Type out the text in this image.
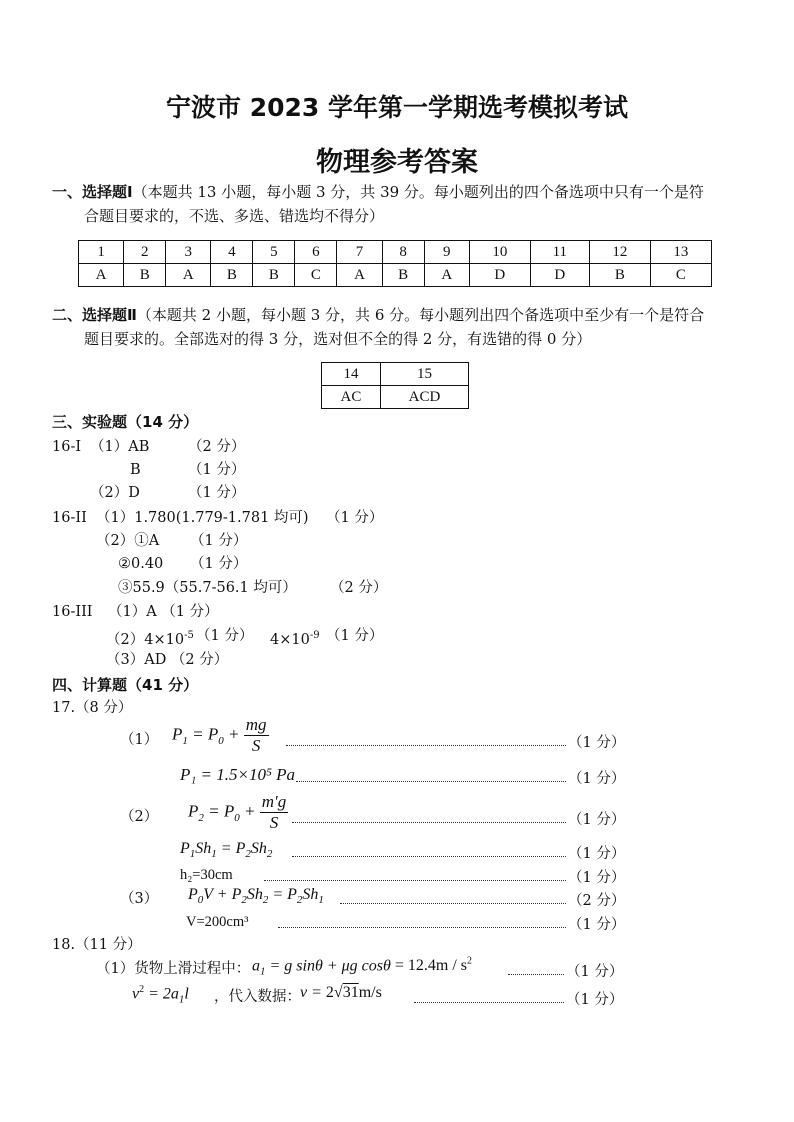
宁波市 2023 学年第一学期选考模拟考试
物理参考答案
一、选择题Ⅰ（本题共 13 小题，每小题 3 分，共 39 分。每小题列出的四个备选项中只有一个是符
合题目要求的，不选、多选、错选均不得分）
1	2	3	4	5	6	7	8	9	10	11	12	13
A	B	A	B	B	C	A	B	A	D	D	B	C
二、选择题Ⅱ（本题共 2 小题，每小题 3 分，共 6 分。每小题列出四个备选项中至少有一个是符合
题目要求的。全部选对的得 3 分，选对但不全的得 2 分，有选错的得 0 分）
14	15
AC	ACD
三、实验题（14 分）
16-I （1）AB	（2 分）
B	（1 分）
（2）D	（1 分）
16-II （1）1.780(1.779-1.781 均可) （1 分）
（2）①A （1 分）
②0.40 （1 分）
③55.9（55.7-56.1 均可） （2 分）
16-III （1）A （1 分）
$(2)4\times 10^{-5}$ （1 分） $4\times 10^{-9}$ （1 分）
（3）AD （2 分）
四、计算题（41 分）
17.（8 分）
（1） $P_1 = P_0 + \frac{mg}{S}$	（1 分）
P₁ = 1.5×10⁵ Pa	（1 分）
（2） $P_2 = P_0 + \frac{m'g}{S}$	（1 分）
$P_1Sh_1 = P_2Sh_2$	（1 分）
h₂=30cm	（1 分）
（3） $P_0V + P_2Sh_2 = P_2Sh_1$	（2 分）
V=200cm³	（1 分）
18.（11 分）
（1）货物上滑过程中： $a_1 = g$ sinθ + μg $\cos\theta = 12.4m / s^2$
（1 分）
$v^2 = 2a_1l$ ，代入数据： v = 2√31m/s	（1 分）
